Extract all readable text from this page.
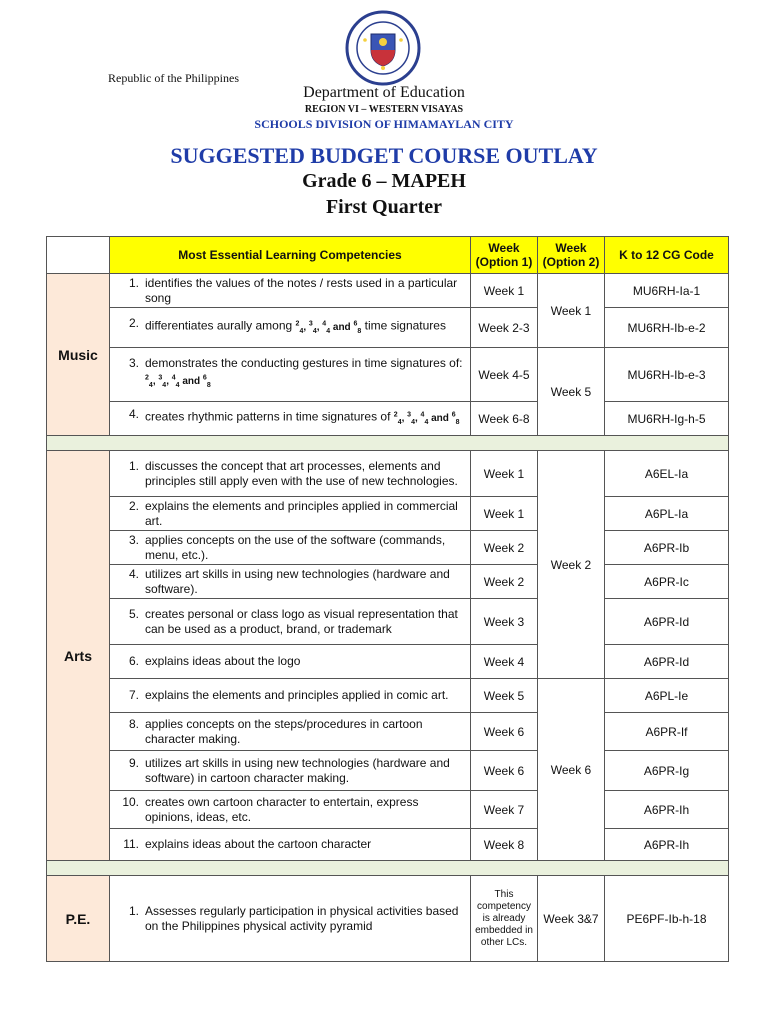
Republic of the Philippines
Department of Education
REGION VI – WESTERN VISAYAS
SCHOOLS DIVISION OF HIMAMAYLAN CITY
SUGGESTED BUDGET COURSE OUTLAY
Grade 6 – MAPEH
First Quarter
	Most Essential Learning Competencies	Week (Option 1)	Week (Option 2)	K to 12 CG Code
Music	1. identifies the values of the notes / rests used in a particular song	Week 1	Week 1	MU6RH-Ia-1

	2. differentiates aurally among $^2_4$, $^3_4$, $^4_4$ and $^6_8$ time signatures	Week 2-3		MU6RH-Ib-e-2

	3. demonstrates the conducting gestures in time signatures of: $^2_4$, $^3_4$, $^4_4$ and $^6_8$	Week 4-5	Week 5	MU6RH-Ib-e-3

	4. creates rhythmic patterns in time signatures of $^2_4$, $^3_4$, $^4_4$ and $^6_8$	Week 6-8		MU6RH-Ig-h-5

Arts	1. discusses the concept that art processes, elements and principles still apply even with the use of new technologies.	Week 1	Week 2	A6EL-Ia

	2. explains the elements and principles applied in commercial art.	Week 1		A6PL-Ia

	3. applies concepts on the use of the software (commands, menu, etc.).	Week 2		A6PR-Ib

	4. utilizes art skills in using new technologies (hardware and software).	Week 2		A6PR-Ic

	5. creates personal or class logo as visual representation that can be used as a product, brand, or trademark	Week 3		A6PR-Id

	6. explains ideas about the logo	Week 4		A6PR-Id

	7. explains the elements and principles applied in comic art.	Week 5	Week 6	A6PL-Ie

	8. applies concepts on the steps/procedures in cartoon character making.	Week 6		A6PR-If

	9. utilizes art skills in using new technologies (hardware and software) in cartoon character making.	Week 6		A6PR-Ig

	10. creates own cartoon character to entertain, express opinions, ideas, etc.	Week 7		A6PR-Ih

	11. explains ideas about the cartoon character	Week 8		A6PR-Ih

P.E.	1. Assesses regularly participation in physical activities based on the Philippines physical activity pyramid	This competency is already embedded in other LCs.	Week 3&7	PE6PF-Ib-h-18
